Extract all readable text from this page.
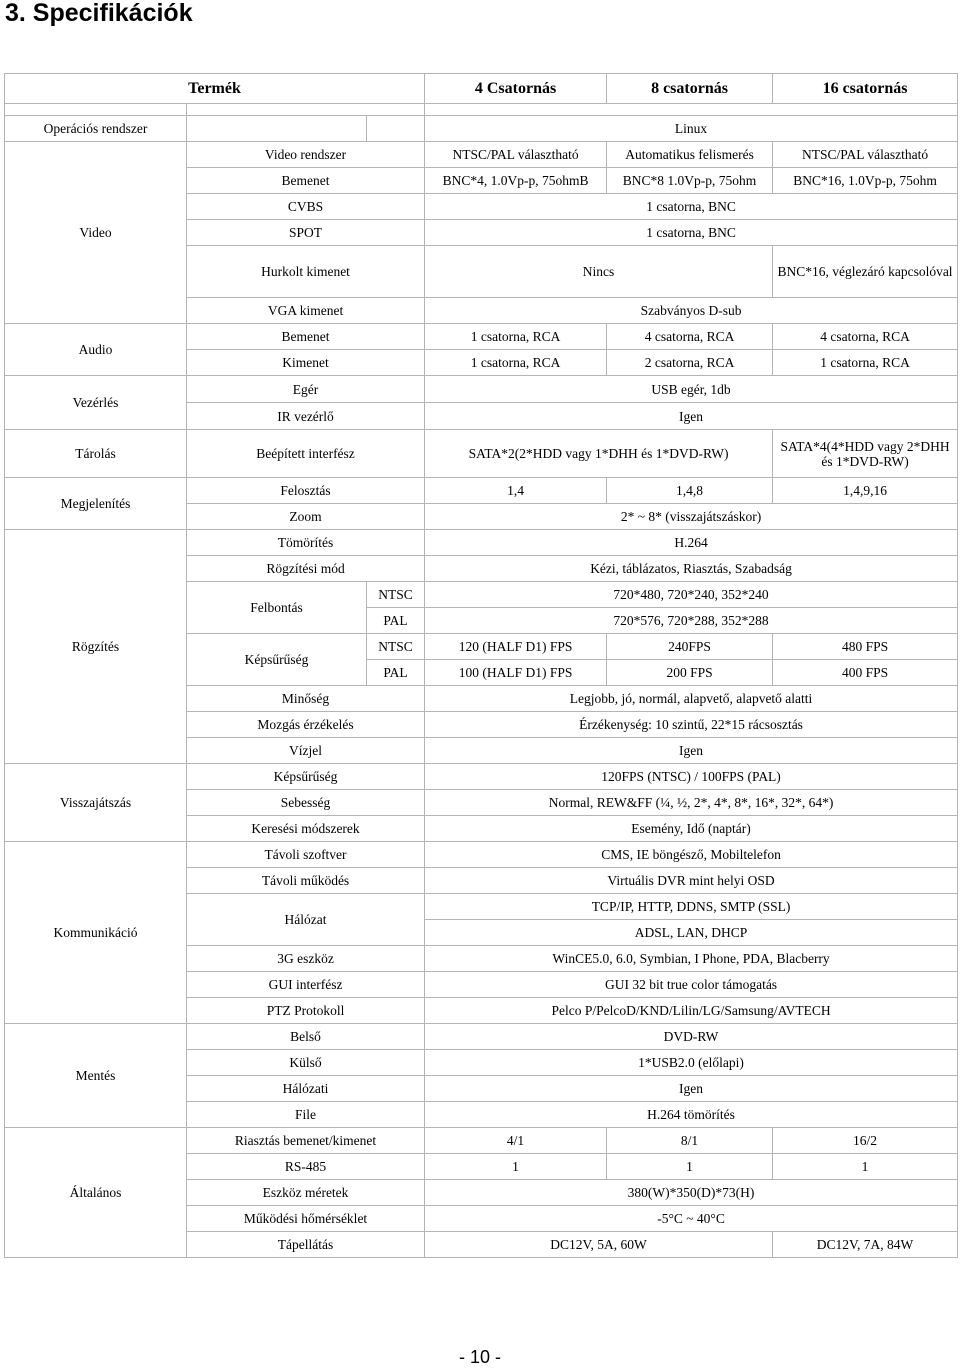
3. Specifikációk
Termék			4 Csatornás	8 csatornás	16 csatornás

Operációs rendszer			Linux		
Video	Video rendszer		NTSC/PAL választható	Automatikus felismerés	NTSC/PAL választható
	Bemenet		BNC*4, 1.0Vp-p, 75ohmB	BNC*8 1.0Vp-p, 75ohm	BNC*16, 1.0Vp-p, 75ohm
	CVBS		1 csatorna, BNC		
	SPOT		1 csatorna, BNC		
	Hurkolt kimenet		Nincs		BNC*16, véglezáró kapcsolóval
	VGA kimenet		Szabványos D-sub		
Audio	Bemenet		1 csatorna, RCA	4 csatorna, RCA	4 csatorna, RCA
	Kimenet		1 csatorna, RCA	2 csatorna, RCA	1 csatorna, RCA
Vezérlés	Egér		USB egér, 1db		
	IR vezérlő		Igen		
Tárolás	Beépített interfész		SATA*2(2*HDD vagy 1*DHH és 1*DVD-RW)		SATA*4(4*HDD vagy 2*DHH és 1*DVD-RW)
Megjelenítés	Felosztás		1,4	1,4,8	1,4,9,16
	Zoom		2* ~ 8* (visszajátszáskor)		
Rögzítés	Tömörítés		H.264		
	Rögzítési mód		Kézi, táblázatos, Riasztás, Szabadság		
	Felbontás	NTSC	720*480, 720*240, 352*240		
		PAL	720*576, 720*288, 352*288		
	Képsűrűség	NTSC	120 (HALF D1) FPS	240FPS	480 FPS
		PAL	100 (HALF D1) FPS	200 FPS	400 FPS
	Minőség		Legjobb, jó, normál, alapvető, alapvető alatti		
	Mozgás érzékelés		Érzékenység: 10 szintű, 22*15 rácsosztás		
	Vízjel		Igen		
Visszajátszás	Képsűrűség		120FPS (NTSC) / 100FPS (PAL)		
	Sebesség		Normal, REW&FF (¼, ½, 2*, 4*, 8*, 16*, 32*, 64*)		
	Keresési módszerek		Esemény, Idő (naptár)		
Kommunikáció	Távoli szoftver		CMS, IE böngésző, Mobiltelefon		
	Távoli működés		Virtuális DVR mint helyi OSD		
	Hálózat		TCP/IP, HTTP, DDNS, SMTP (SSL)		
			ADSL, LAN, DHCP		
	3G eszköz		WinCE5.0, 6.0, Symbian, I Phone, PDA, Blacberry		
	GUI interfész		GUI 32 bit true color támogatás		
	PTZ Protokoll		Pelco P/PelcoD/KND/Lilin/LG/Samsung/AVTECH		
Mentés	Belső		DVD-RW		
	Külső		1*USB2.0 (előlapi)		
	Hálózati		Igen		
	File		H.264 tömörítés		
Általános	Riasztás bemenet/kimenet		4/1	8/1	16/2
	RS-485		1	1	1
	Eszköz méretek		380(W)*350(D)*73(H)		
	Működési hőmérséklet		-5°C ~ 40°C		
	Tápellátás		DC12V, 5A, 60W		DC12V, 7A, 84W
- 10 -
